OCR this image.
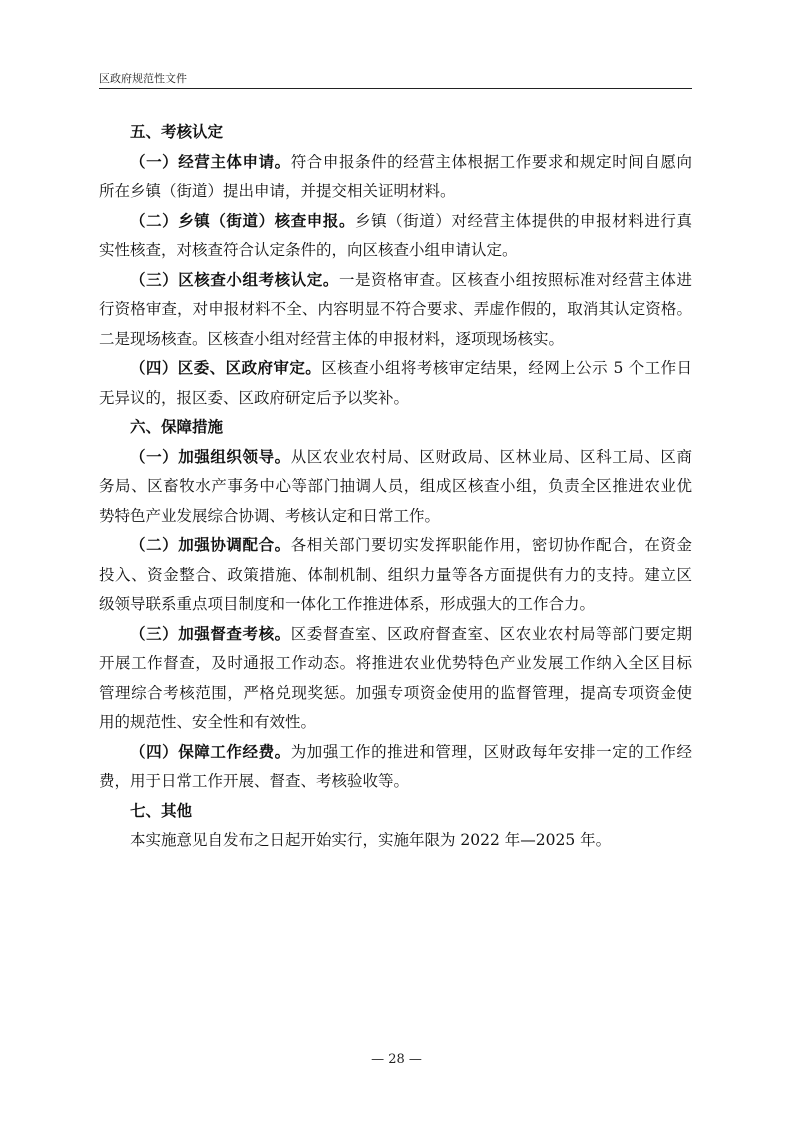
区政府规范性文件
五、考核认定
（一）经营主体申请。符合申报条件的经营主体根据工作要求和规定时间自愿向
所在乡镇（街道）提出申请，并提交相关证明材料。
（二）乡镇（街道）核查申报。乡镇（街道）对经营主体提供的申报材料进行真
实性核查，对核查符合认定条件的，向区核查小组申请认定。
（三）区核查小组考核认定。一是资格审查。区核查小组按照标准对经营主体进
行资格审查，对申报材料不全、内容明显不符合要求、弄虚作假的，取消其认定资格。
二是现场核查。区核查小组对经营主体的申报材料，逐项现场核实。
（四）区委、区政府审定。区核查小组将考核审定结果，经网上公示 5 个工作日
无异议的，报区委、区政府研定后予以奖补。
六、保障措施
（一）加强组织领导。从区农业农村局、区财政局、区林业局、区科工局、区商
务局、区畜牧水产事务中心等部门抽调人员，组成区核查小组，负责全区推进农业优
势特色产业发展综合协调、考核认定和日常工作。
（二）加强协调配合。各相关部门要切实发挥职能作用，密切协作配合，在资金
投入、资金整合、政策措施、体制机制、组织力量等各方面提供有力的支持。建立区
级领导联系重点项目制度和一体化工作推进体系，形成强大的工作合力。
（三）加强督查考核。区委督查室、区政府督查室、区农业农村局等部门要定期
开展工作督查，及时通报工作动态。将推进农业优势特色产业发展工作纳入全区目标
管理综合考核范围，严格兑现奖惩。加强专项资金使用的监督管理，提高专项资金使
用的规范性、安全性和有效性。
（四）保障工作经费。为加强工作的推进和管理，区财政每年安排一定的工作经
费，用于日常工作开展、督查、考核验收等。
七、其他
本实施意见自发布之日起开始实行，实施年限为 2022 年—2025 年。
— 28 —
